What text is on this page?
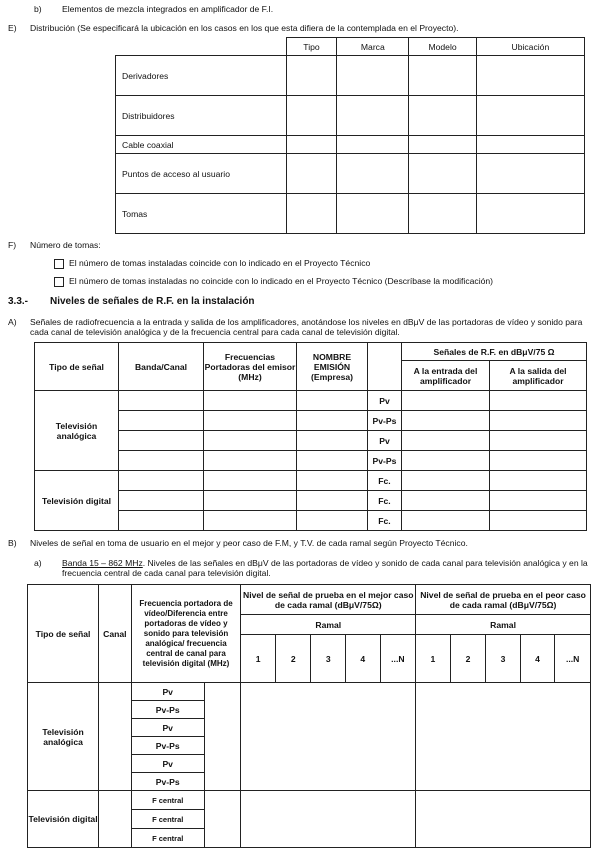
b) Elementos de mezcla integrados en amplificador de F.I.
E) Distribución (Se especificará la ubicación en los casos en los que esta difiera de la contemplada en el Proyecto).
	Tipo	Marca	Modelo	Ubicación
Derivadores				
Distribuidores				
Cable coaxial				
Puntos de acceso al usuario				
Tomas				
F) Número de tomas:
El número de tomas instaladas coincide con lo indicado en el Proyecto Técnico
El número de tomas instaladas no coincide con lo indicado en el Proyecto Técnico (Descríbase la modificación)
3.3.- Niveles de señales de R.F. en la instalación
A) Señales de radiofrecuencia a la entrada y salida de los amplificadores, anotándose los niveles en dBμV de las portadoras de vídeo y sonido para cada canal de televisión analógica y de la frecuencia central para cada canal de televisión digital.
Tipo de señal	Banda/Canal	Frecuencias Portadoras del emisor (MHz)	NOMBRE EMISIÓN (Empresa)		Señales de R.F. en dBμV/75 Ω	
					A la entrada del amplificador	A la salida del amplificador
Televisión analógica				Pv		
				Pv-Ps		
				Pv		
				Pv-Ps		
Televisión digital				Fc.		
				Fc.		
				Fc.		
B) Niveles de señal en toma de usuario en el mejor y peor caso de F.M, y T.V. de cada ramal según Proyecto Técnico.
a) Banda 15 – 862 MHz. Niveles de las señales en dBμV de las portadoras de vídeo y sonido de cada canal para televisión analógica y en la frecuencia central de cada canal para televisión digital.
Tipo de señal	Canal	Frecuencia portadora de vídeo/Diferencia entre portadoras de vídeo y sonido para televisión analógica/ frecuencia central de canal para televisión digital (MHz)		Nivel de señal de prueba en el mejor caso de cada ramal (dBμV/75Ω)					Nivel de señal de prueba en el peor caso de cada ramal (dBμV/75Ω)				
				Ramal					Ramal				
				1	2	3	4	...N	1	2	3	4	...N
Televisión analógica		Pv											
		Pv-Ps											
		Pv											
		Pv-Ps											
		Pv											
		Pv-Ps											
Televisión digital		F central											
		F central											
		F central											
